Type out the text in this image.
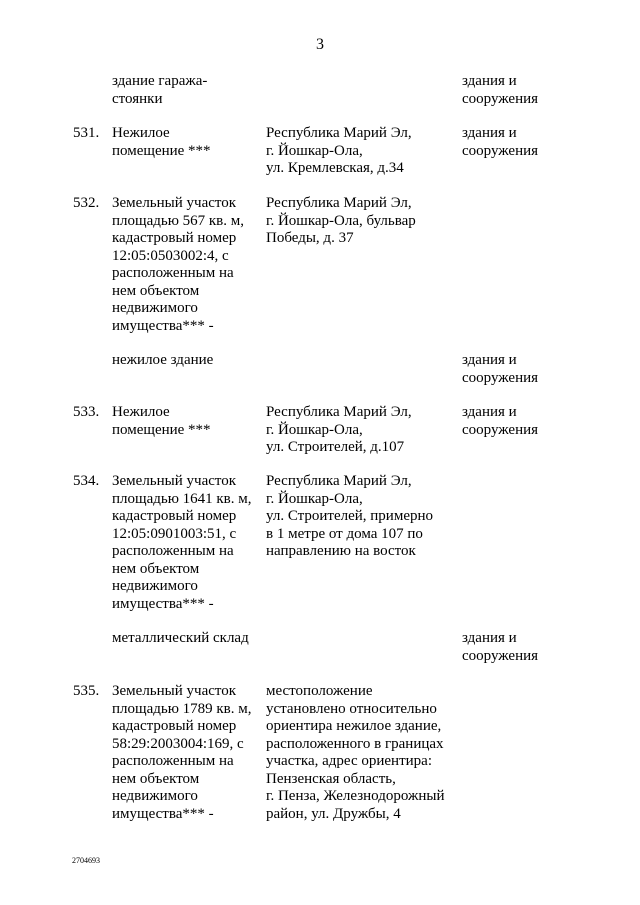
3
здание гаража-
стоянки
здания и
сооружения
531. Нежилое
помещение ***
Республика Марий Эл,
г. Йошкар-Ола,
ул. Кремлевская, д.34
здания и
сооружения
532. Земельный участок
площадью 567 кв. м,
кадастровый номер
12:05:0503002:4, с
расположенным на
нем объектом
недвижимого
имущества*** -
Республика Марий Эл,
г. Йошкар-Ола, бульвар
Победы, д. 37
нежилое здание	здания и
сооружения
533. Нежилое
помещение ***
Республика Марий Эл,
г. Йошкар-Ола,
ул. Строителей, д.107
здания и
сооружения
534. Земельный участок
площадью 1641 кв. м,
кадастровый номер
12:05:0901003:51, с
расположенным на
нем объектом
недвижимого
имущества*** -
Республика Марий Эл,
г. Йошкар-Ола,
ул. Строителей, примерно
в 1 метре от дома 107 по
направлению на восток
металлический склад	здания и
сооружения
535. Земельный участок
площадью 1789 кв. м,
кадастровый номер
58:29:2003004:169, с
расположенным на
нем объектом
недвижимого
имущества*** -
местоположение
установлено относительно
ориентира нежилое здание,
расположенного в границах
участка, адрес ориентира:
Пензенская область,
г. Пенза, Железнодорожный
район, ул. Дружбы, 4
2704693
